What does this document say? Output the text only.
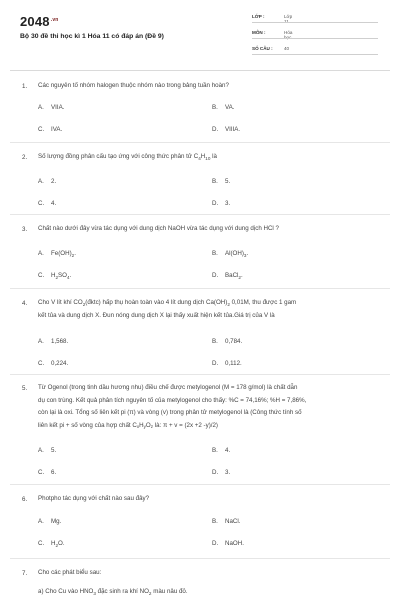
$2048^{.vn}$
Bộ 30 đề thi học kì 1 Hóa 11 có đáp án (Đề 9)
LỚP :	Lớp 11
MÔN :	Hóa học
SỐ CÂU :	40
1. Các nguyên tố nhóm halogen thuộc nhóm nào trong bảng tuần hoàn?
A. VIIA.	B. VA.
C. IVA.	D. VIIIA.
2. Số lượng đồng phân cấu tạo ứng với công thức phân tử $C_4H_{10}$ là
A. 2.	B. 5.
C. 4.	D. 3.
3. Chất nào dưới đây vừa tác dụng với dung dịch NaOH vừa tác dụng với dung dịch HCl ?
A. $Fe(OH)_2$.	B. $Al(OH)_3$.
C. $H_2SO_4$.	D. BaCl$_2$.
4. Cho V lít khí $CO_2(đktc)$ hấp thụ hoàn toàn vào 4 lít dung dịch $Ca(OH)_2$ 0,01M, thu được 1 gam
kết tủa và dung dịch X. Đun nóng dung dịch X lại thấy xuất hiện kết tủa.Giá trị của V là
A. 1,568.	B. 0,784.
C. 0,224.	D. 0,112.
5. Từ Ogenol (trong tinh dầu hương nhu) điều chế được metylogenol (M = 178 g/mol) là chất dẫn
dụ con trùng. Kết quả phân tích nguyên tố của metylogenol cho thấy: %C = 74,16%; %H = 7,86%,
còn lại là oxi. Tổng số liên kết pi (π) và vòng (v) trong phân tử metylogenol là (Công thức tính số
liên kết pi + số vòng của hợp chất $C_xH_yO_z$ là: π + v = (2x +2 -y)/2)
A. 5.	B. 4.
C. 6.	D. 3.
6. Photpho tác dụng với chất nào sau đây?
A. Mg.	B. NaCl.
C. $H_2O$.	D. NaOH.
7. Cho các phát biểu sau:
a) Cho Cu vào $HNO_3$ đặc sinh ra khí $NO_2$ màu nâu đỏ.
